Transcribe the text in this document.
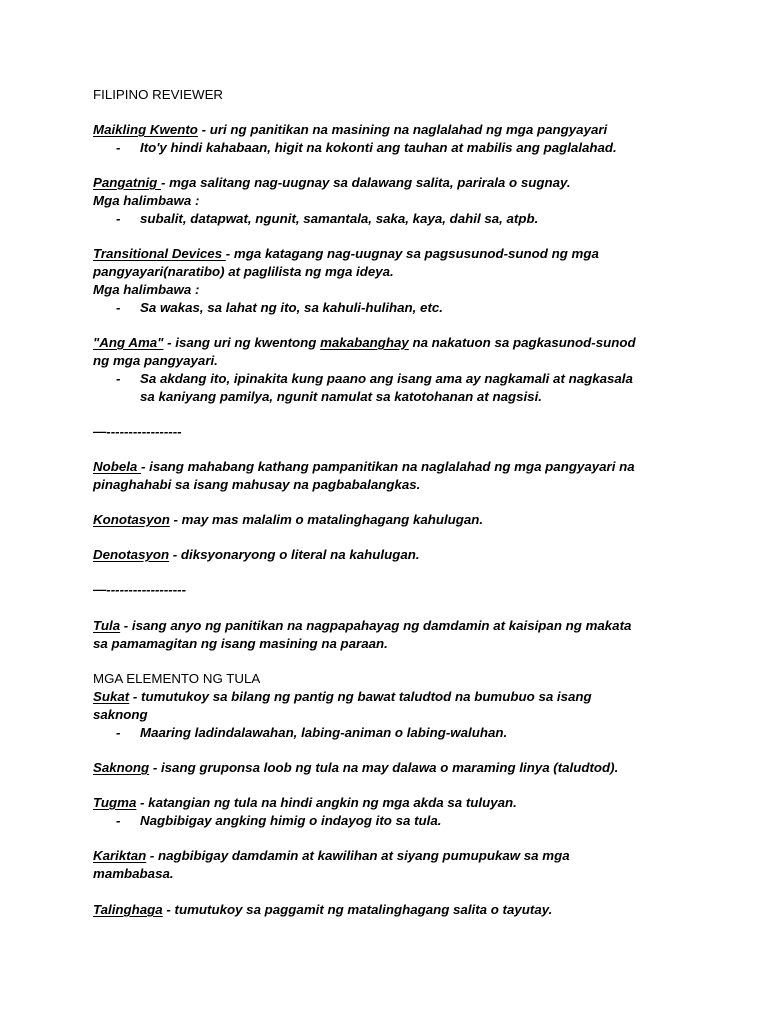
FILIPINO REVIEWER
Maikling Kwento - uri ng panitikan na masining na naglalahad ng mga pangyayari
- Ito'y hindi kahabaan, higit na kokonti ang tauhan at mabilis ang paglalahad.
Pangatnig - mga salitang nag-uugnay sa dalawang salita, parirala o sugnay.
Mga halimbawa :
- subalit, datapwat, ngunit, samantala, saka, kaya, dahil sa, atpb.
Transitional Devices - mga katagang nag-uugnay sa pagsusunod-sunod ng mga
pangyayari(naratibo) at paglilista ng mga ideya.
Mga halimbawa :
- Sa wakas, sa lahat ng ito, sa kahuli-hulihan, etc.
"Ang Ama" - isang uri ng kwentong makabanghay na nakatuon sa pagkasunod-sunod
ng mga pangyayari.
- Sa akdang ito, ipinakita kung paano ang isang ama ay nagkamali at nagkasala
sa kaniyang pamilya, ngunit namulat sa katotohanan at nagsisi.
—-----------------
Nobela - isang mahabang kathang pampanitikan na naglalahad ng mga pangyayari na
pinaghahabi sa isang mahusay na pagbabalangkas.
Konotasyon - may mas malalim o matalinghagang kahulugan.
Denotasyon - diksyonaryong o literal na kahulugan.
—------------------
Tula - isang anyo ng panitikan na nagpapahayag ng damdamin at kaisipan ng makata
sa pamamagitan ng isang masining na paraan.
MGA ELEMENTO NG TULA
Sukat - tumutukoy sa bilang ng pantig ng bawat taludtod na bumubuo sa isang
saknong
- Maaring ladindalawahan, labing-animan o labing-waluhan.
Saknong - isang gruponsa loob ng tula na may dalawa o maraming linya (taludtod).
Tugma - katangian ng tula na hindi angkin ng mga akda sa tuluyan.
- Nagbibigay angking himig o indayog ito sa tula.
Kariktan - nagbibigay damdamin at kawilihan at siyang pumupukaw sa mga
mambabasa.
Talinghaga - tumutukoy sa paggamit ng matalinghagang salita o tayutay.
